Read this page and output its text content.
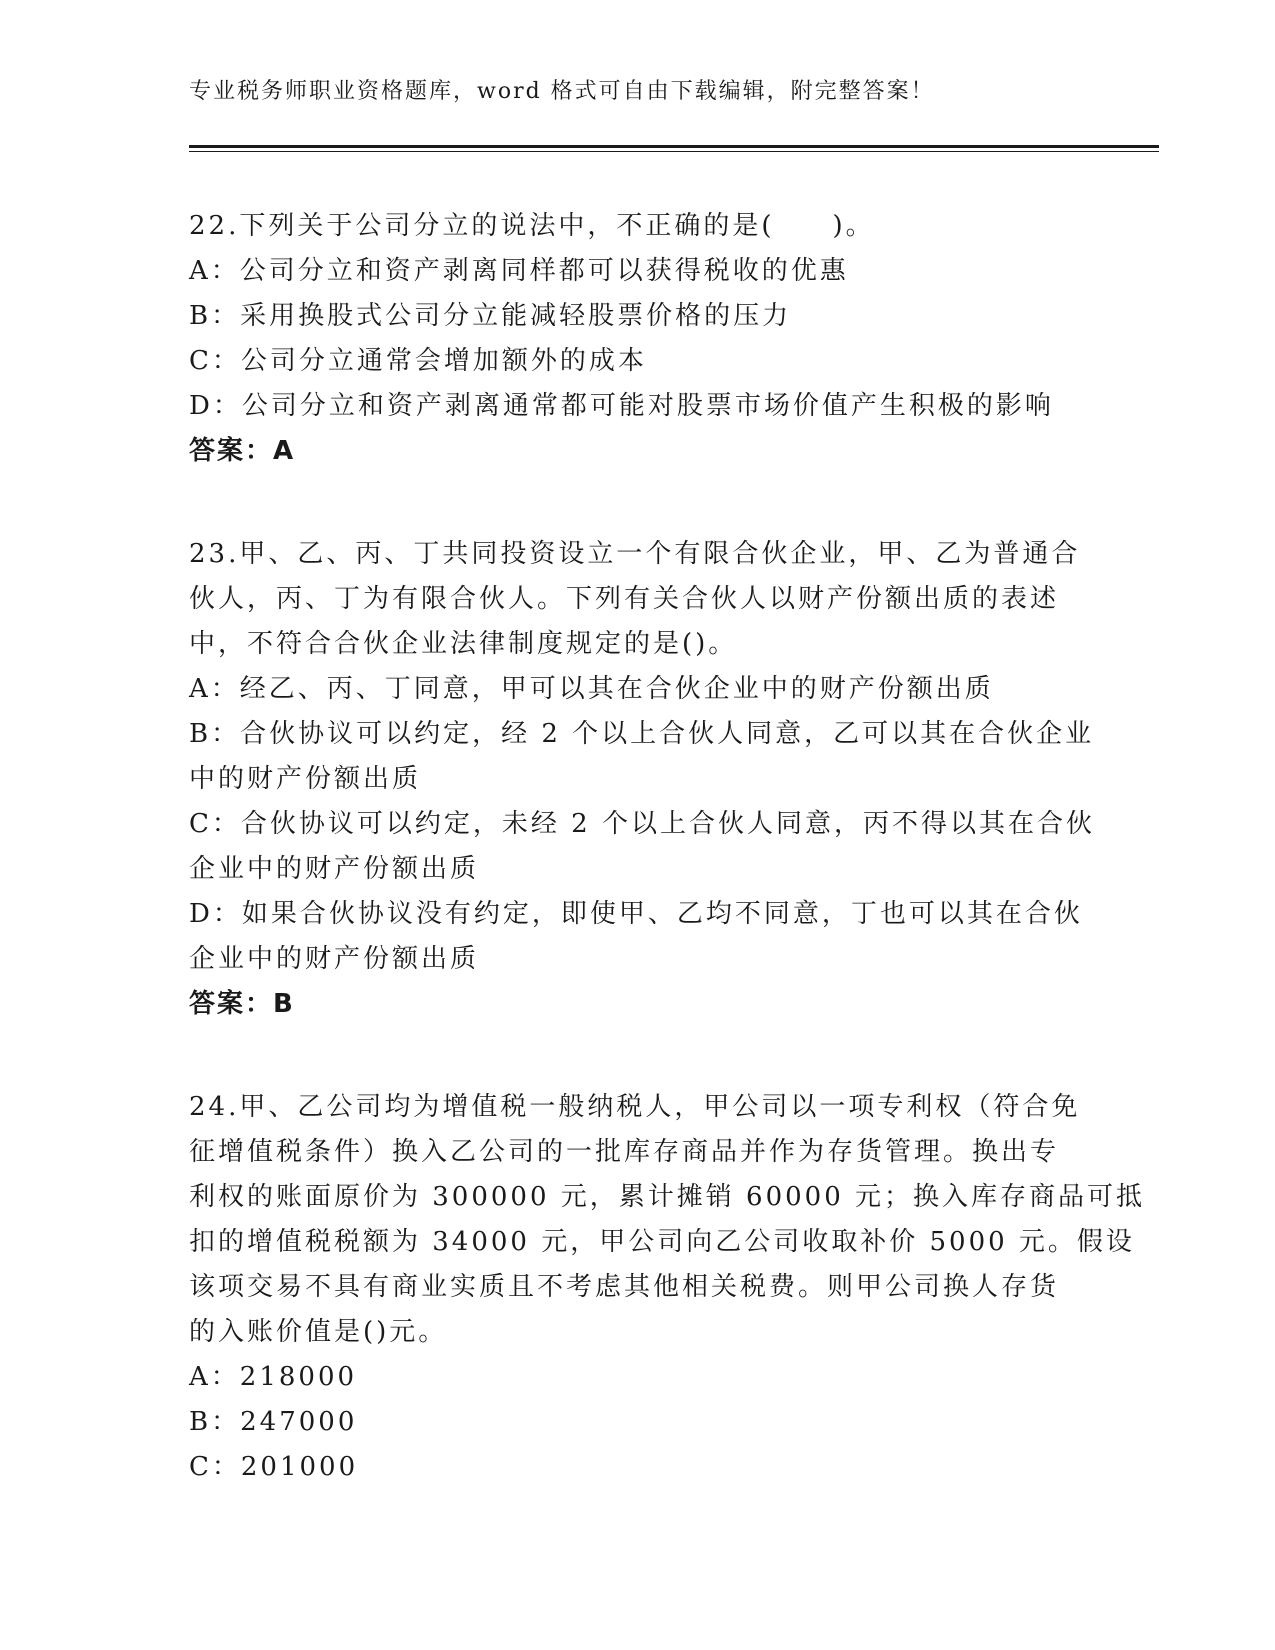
专业税务师职业资格题库，word 格式可自由下载编辑，附完整答案！
22.下列关于公司分立的说法中，不正确的是(　　)。
A：公司分立和资产剥离同样都可以获得税收的优惠
B：采用换股式公司分立能减轻股票价格的压力
C：公司分立通常会增加额外的成本
D：公司分立和资产剥离通常都可能对股票市场价值产生积极的影响
答案：A
23.甲、乙、丙、丁共同投资设立一个有限合伙企业，甲、乙为普通合
伙人，丙、丁为有限合伙人。下列有关合伙人以财产份额出质的表述
中，不符合合伙企业法律制度规定的是()。
A：经乙、丙、丁同意，甲可以其在合伙企业中的财产份额出质
B：合伙协议可以约定，经 2 个以上合伙人同意，乙可以其在合伙企业
中的财产份额出质
C：合伙协议可以约定，未经 2 个以上合伙人同意，丙不得以其在合伙
企业中的财产份额出质
D：如果合伙协议没有约定，即使甲、乙均不同意，丁也可以其在合伙
企业中的财产份额出质
答案：B
24.甲、乙公司均为增值税一般纳税人，甲公司以一项专利权（符合免
征增值税条件）换入乙公司的一批库存商品并作为存货管理。换出专
利权的账面原价为 300000 元，累计摊销 60000 元；换入库存商品可抵
扣的增值税税额为 34000 元，甲公司向乙公司收取补价 5000 元。假设
该项交易不具有商业实质且不考虑其他相关税费。则甲公司换人存货
的入账价值是()元。
A：218000
B：247000
C：201000
